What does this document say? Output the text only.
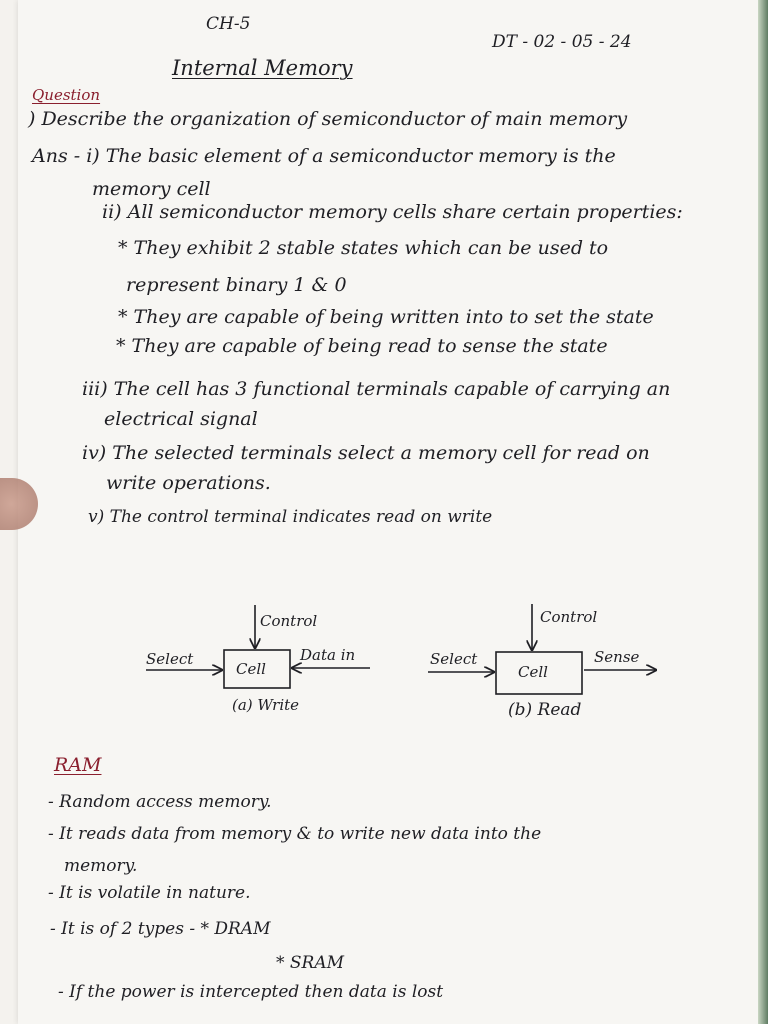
CH-5
DT - 02 - 05 - 24
Internal Memory
Question
) Describe the organization of semiconductor of main memory
Ans - i) The basic element of a semiconductor memory is the
memory cell
ii) All semiconductor memory cells share certain properties:
* They exhibit 2 stable states which can be used to
represent binary 1 & 0
* They are capable of being written into to set the state
* They are capable of being read to sense the state
iii) The cell has 3 functional terminals capable of carrying an
electrical signal
iv) The selected terminals select a memory cell for read on
write operations.
v) The control terminal indicates read on write
Control
Select
Cell
Data in
(a) Write
Control
Select
Cell
Sense
(b) Read
RAM
- Random access memory.
- It reads data from memory & to write new data into the
memory.
- It is volatile in nature.
- It is of 2 types - * DRAM
* SRAM
- If the power is intercepted then data is lost
